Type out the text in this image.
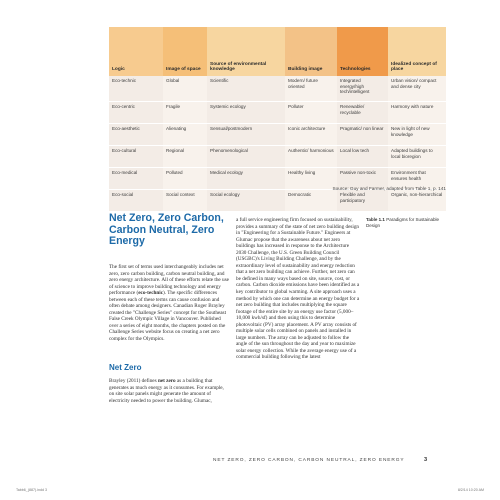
Logic	Image of space	Source of environmental knowledge	Building image	Technologies	Idealized concept of place
Eco-technic	Global	Scientific	Modern/ future oriented	Integrated energy/high tech/intelligent	Urban vision/ compact and dense city
Eco-centric	Fragile	Systemic ecology	Polluter	Renewable/ recyclable	Harmony with nature
Eco-aesthetic	Alienating	Sensual/postmodern	Iconic architecture	Pragmatic/ non linear	New in light of new knowledge
Eco-cultural	Regional	Phenomenological	Authentic/ harmonious	Local low tech	Adapted buildings to local bioregion
Eco-medical	Polluted	Medical ecology	Healthy living	Passive non-toxic	Environment that ensures health
Eco-social	Social context	Social ecology	Democratic	Flexible and participatory	Organic, non-hierarchical
Source: Guy and Farmer, adapted from Table 1, p. 141
Table 1.1 Paradigms for Sustainable Design
Net Zero, Zero Carbon, Carbon Neutral, Zero Energy

The first set of terms used interchangeably includes net zero, zero carbon building, carbon neutral building, and zero energy architecture. All of these efforts relate the use of science to improve building technology and energy performance (eco-technic). The specific differences between each of these terms can cause confusion and often debate among designers. Canadian Roger Brayley created the "Challenge Series" concept for the Southeast False Creek Olympic Village in Vancouver. Published over a series of eight months, the chapters posted on the Challenge Series website focus on creating a net zero complex for the Olympics.

Net Zero

Brayley (2011) defines net zero as a building that generates as much energy as it consumes. For example, on site solar panels might generate the amount of electricity needed to power the building. Glumac,

a full service engineering firm focused on sustainability, provides a summary of the state of net zero building design in "Engineering for a Sustainable Future." Engineers at Glumac propose that the awareness about net zero buildings has increased in response to the Architecture 2030 Challenge, the U.S. Green Building Council (USGBC)'s Living Building Challenge, and by the extraordinary level of sustainability and energy reduction that a net zero building can achieve. Further, net zero can be defined in many ways based on site, source, cost, or carbon. Carbon dioxide emissions have been identified as a key contributor to global warming. A site approach uses a method by which one can determine an energy budget for a net zero building that includes multiplying the square footage of the entire site by an energy use factor (5,000–10,000 kwh/sf) and then using this to determine photovoltaic (PV) array placement. A PV array consists of multiple solar cells combined on panels and installed in large numbers. The array can be adjusted to follow the angle of the sun throughout the day and year to maximize solar energy collection. While the average energy use of a commercial building following the latest

NET ZERO, ZERO CARBON, CARBON NEUTRAL, ZERO ENERGY	3
Tabb6_(887).indd 3	8/2/14 10:20 AM
